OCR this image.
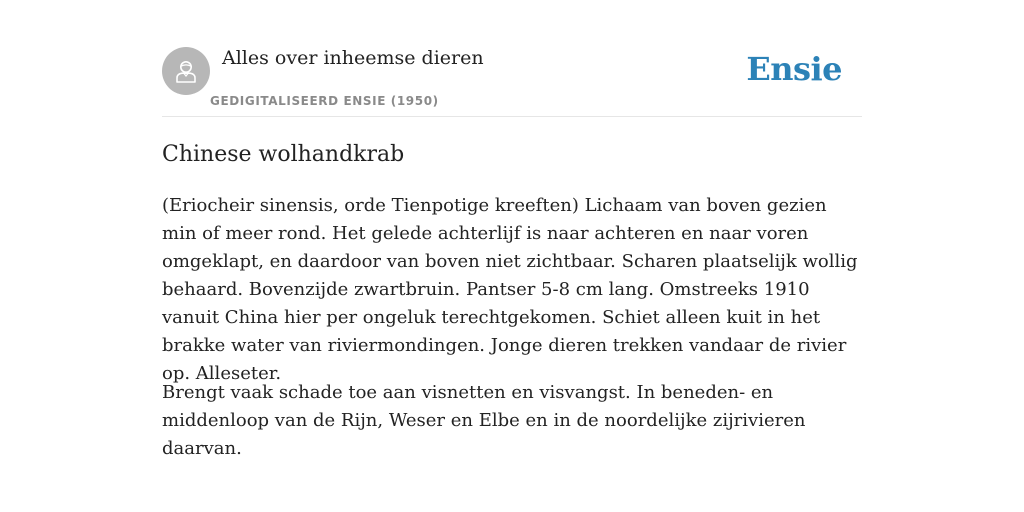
Alles over inheemse dieren
GEDIGITALISEERD ENSIE (1950)
Ensie
Chinese wolhandkrab

(Eriocheir sinensis, orde Tienpotige kreeften) Lichaam van boven gezien min of meer rond. Het gelede achterlijf is naar achteren en naar voren omgeklapt, en daardoor van boven niet zichtbaar. Scharen plaatselijk wollig behaard. Bovenzijde zwartbruin. Pantser 5-8 cm lang. Omstreeks 1910 vanuit China hier per ongeluk terechtgekomen. Schiet alleen kuit in het brakke water van riviermondingen. Jonge dieren trekken vandaar de rivier op. Alleseter.

Brengt vaak schade toe aan visnetten en visvangst. In beneden- en middenloop van de Rijn, Weser en Elbe en in de noordelijke zijrivieren daarvan.
